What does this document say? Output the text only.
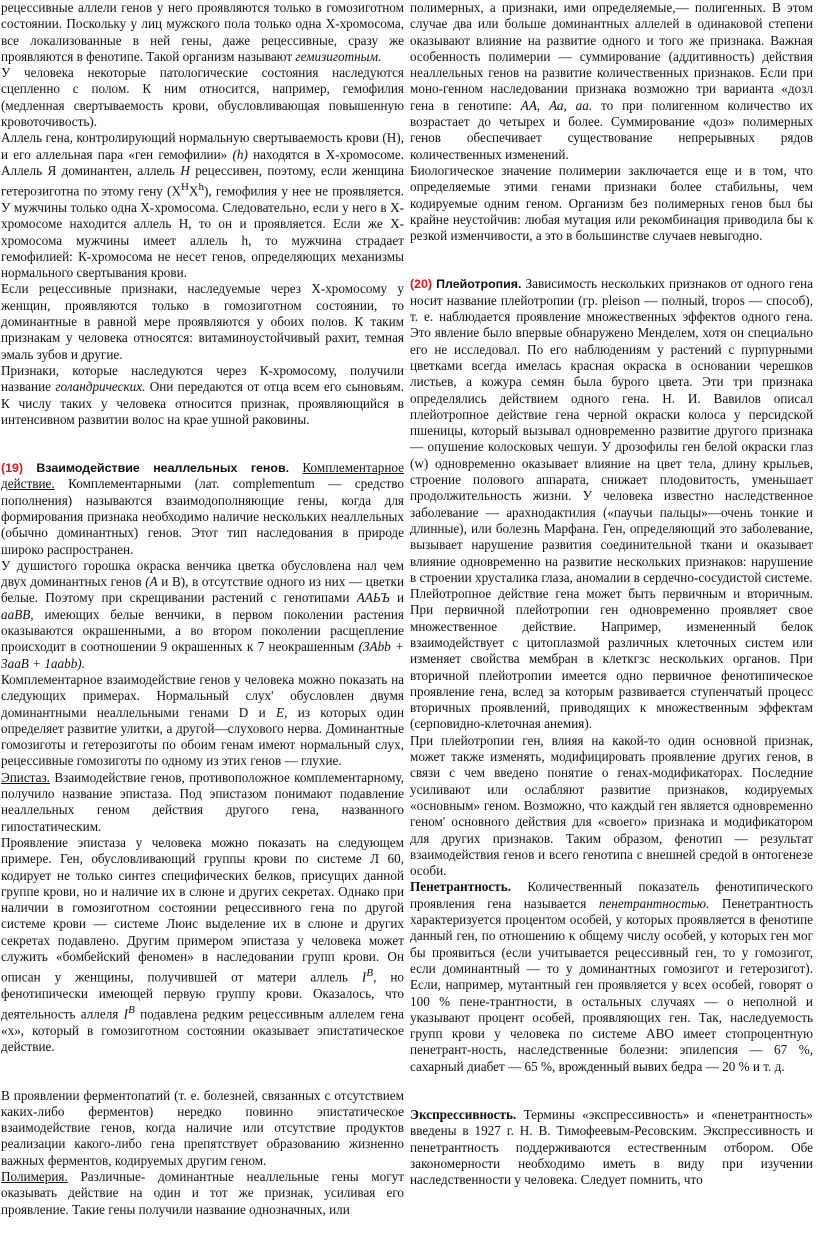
рецессивные аллели генов у него проявляются только в гомозиготном состоянии. Поскольку у лиц мужского пола только одна Х-хромосома, все локализованные в ней гены, даже рецессивные, сразу же проявляются в фенотипе. Такой организм называют гемизиготным.

У человека некоторые патологические состояния наследуются сцепленно с полом. К ним относится, например, гемофилия (медленная свертываемость крови, обусловливающая повышенную кровоточивость).

Аллель гена, контролирующий нормальную свертываемость крови (Н), и его аллельная пара «ген гемофилии» (h) находятся в Х-хромосоме. Аллель Я доминантен, аллель Н рецессивен, поэтому, если женщина гетерозиготна по этому гену $(Х^НХ^h)$, гемофилия у нее не проявляется. У мужчины только одна Х-хромосома. Следовательно, если у него в Х-хромосоме находится аллель Н, то он и проявляется. Если же Х-хромосома мужчины имеет аллель h, то мужчина страдает гемофилией: К-хромосома не несет генов, определяющих механизмы нормального свертывания крови.

Если рецессивные признаки, наследуемые через Х-хромосому у женщин, проявляются только в гомозиготном состоянии, то доминантные в равной мере проявляются у обоих полов. К таким признакам у человека относятся: витаминоустойчивый рахит, темная эмаль зубов и другие.

Признаки, которые наследуются через К-хромосому, получили название голандрических. Они передаются от отца всем его сыновьям. К числу таких у человека относится признак, проявляющийся в интенсивном развитии волос на крае ушной раковины.

(19) Взаимодействие неаллельных генов. Комплементарное действие. Комплементарными (лат. complementum — средство пополнения) называются взаимодополняющие гены, когда для формирования признака необходимо наличие нескольких неаллельных (обычно доминантных) генов. Этот тип наследования в природе широко распространен.

У душистого горошка окраска венчика цветка обусловлена нал чем двух доминантных генов (А и В), в отсутствие одного из них — цветки белые. Поэтому при скрещивании растений с генотипами ААЬЪ и ааВВ, имеющих белые венчики, в первом поколении растения оказываются окрашенными, а во втором поколении расщепление происходит в соотношении 9 окрашенных к 7 неокрашенным (ЗАbb + 3ааВ + 1ааbb).

Комплементарное взаимодействие генов у человека можно показать на следующих примерах. Нормальный слух' обусловлен двумя доминантными неаллельными генами D и Е, из которых один определяет развитие улитки, а другой—слухового нерва. Доминантные гомозиготы и гетерозиготы по обоим генам имеют нормальный слух, рецессивные гомозиготы по одному из этих генов — глухие.

Эпистаз. Взаимодействие генов, противоположное комплементарному, получило название эпистаза. Под эпистазом понимают подавление неаллельных геном действия другого гена, названного гипостатическим.

Проявление эпистаза у человека можно показать на следующем примере. Ген, обусловливающий группы крови по системе Л 60, кодирует не только синтез специфических белков, присущих данной группе крови, но и наличие их в слюне и других секретах. Однако при наличии в гомозиготном состоянии рецессивного гена по другой системе крови — системе Люис выделение их в слюне и других секретах подавлено. Другим примером эпистаза у человека может служить «бомбейский феномен» в наследовании групп крови. Он описан у женщины, получившей от матери аллель $I^B$, но фенотипически имеющей первую группу крови. Оказалось, что деятельность аллеля $I^B$ подавлена редким рецессивным аллелем гена «х», который в гомозиготном состоянии оказывает эпистатическое действие.

В проявлении ферментопатий (т. е. болезней, связанных с отсутствием каких-либо ферментов) нередко повинно эпистатическое взаимодействие генов, когда наличие или отсутствие продуктов реализации какого-либо гена препятствует образованию жизненно важных ферментов, кодируемых другим геном.

Полимерия. Различные- доминантные неаллельные гены могут оказывать действие на один и тот же признак, усиливая его проявление. Такие гены получили название однозначных, или

полимерных, а признаки, ими определяемые,— полигенных. В этом случае два или больше доминантных аллелей в одинаковой степени оказывают влияние на развитие одного и того же признака. Важная особенность полимерии — суммирование (аддитивность) действия неаллельных генов на развитие количественных признаков. Если при моно-генном наследовании признака возможно три варианта «дозл гена в генотипе: АА, Аа, аа. то при полигенном количество их возрастает до четырех и более. Суммирование «доз» полимерных генов обеспечивает существование непрерывных рядов количественных изменений.

Биологическое значение полимерии заключается еще и в том, что определяемые этими генами признаки более стабильны, чем кодируемые одним геном. Организм без полимерных генов был бы крайне неустойчив: любая мутация или рекомбинация приводила бы к резкой изменчивости, а это в большинстве случаев невыгодно.

(20) Плейотропия. Зависимость нескольких признаков от одного гена носит название плейотропии (гр. pleison — полный, tropos — способ), т. е. наблюдается проявление множественных эффектов одного гена. Это явление было впервые обнаружено Менделем, хотя он специально его не исследовал. По его наблюдениям у растений с пурпурными цветками всегда имелась красная окраска в основании черешков листьев, а кожура семян была бурого цвета. Эти три признака определялись действием одного гена. Н. И. Вавилов описал плейотропное действие гена черной окраски колоса у персидской пшеницы, который вызывал одновременно развитие другого признака — опушение колосковых чешуи. У дрозофилы ген белой окраски глаз (w) одновременно оказывает влияние на цвет тела, длину крыльев, строение полового аппарата, снижает плодовитость, уменьшает продолжительность жизни. У человека известно наследственное заболевание — арахнодактилия («паучьи пальцы»—очень тонкие и длинные), или болезнь Марфана. Ген, определяющий это заболевание, вызывает нарушение развития соединительной ткани и оказывает влияние одновременно на развитие нескольких признаков: нарушение в строении хрусталика глаза, аномалии в сердечно-сосудистой системе.

Плейотропное действие гена может быть первичным и вторичным. При первичной плейотропии ген одновременно проявляет свое множественное действие. Например, измененный белок взаимодействует с цитоплазмой различных клеточных систем или изменяет свойства мембран в клеткгзс нескольких органов. При вторичной плейотропии имеется одно первичное фенотипическое проявление гена, вслед за которым развивается ступенчатый процесс вторичных проявлений, приводящих к множественным эффектам (серповидно-клеточная анемия).

При плейотропии ген, влияя на какой-то один основной признак, может также изменять, модифицировать проявление других генов, в связи с чем введено понятие о генах-модификаторах. Последние усиливают или ослабляют развитие признаков, кодируемых «основным» геном. Возможно, что каждый ген является одновременно геном' основного действия для «своего» признака и модификатором для других признаков. Таким образом, фенотип — результат взаимодействия генов и всего генотипа с внешней средой в онтогенезе особи.

Пенетрантность. Количественный показатель фенотипического проявления гена называется пенетрантностью. Пенетрантность характеризуется процентом особей, у которых проявляется в фенотипе данный ген, по отношению к общему числу особей, у которых ген мог бы проявиться (если учитывается рецессивный ген, то у гомозигот, если доминантный — то у доминантных гомозигот и гетерозигот). Если, например, мутантный ген проявляется у всех особей, говорят о 100 % пене-трантности, в остальных случаях — о неполной и указывают процент особей, проявляющих ген. Так, наследуемость групп крови у человека по системе АВО имеет стопроцентную пенетрант-ность, наследственные болезни: эпилепсия — 67 %, сахарный диабет — 65 %, врожденный вывих бедра — 20 % и т. д.

Экспрессивность. Термины «экспрессивность» и «пенетрантность» введены в 1927 г. Н. В. Тимофеевым-Ресовским. Экспрессивность и пенетрантность поддерживаются естественным отбором. Обе закономерности необходимо иметь в виду при изучении наследственности у человека. Следует помнить, что
